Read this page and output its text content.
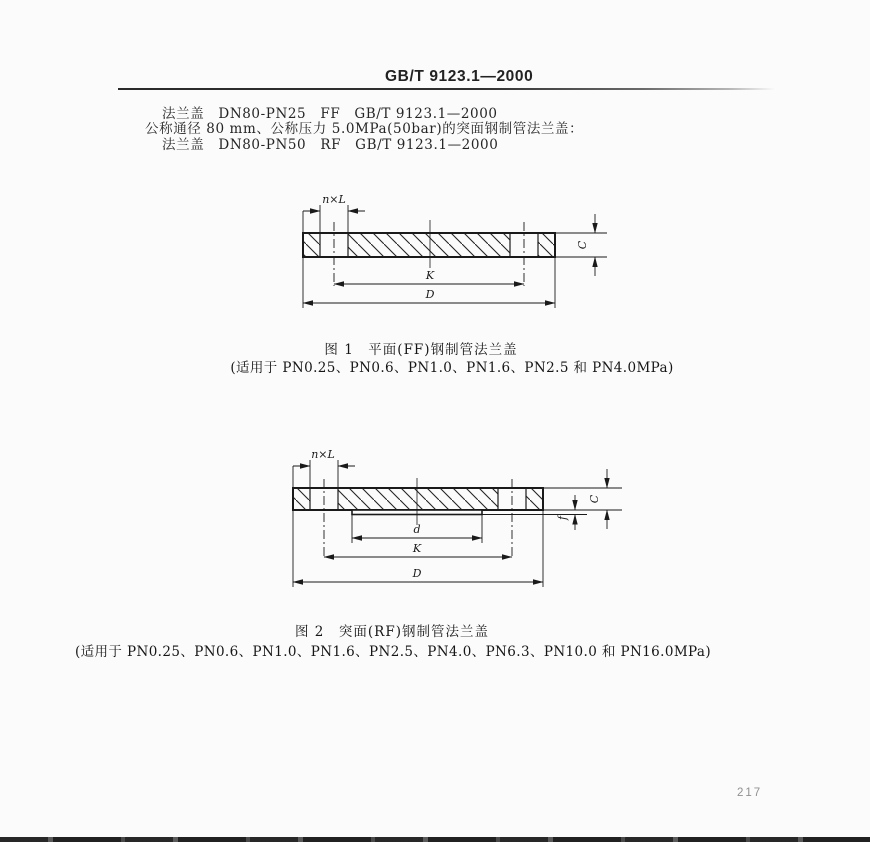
GB/T 9123.1—2000
法兰盖　DN80-PN25　FF　GB/T 9123.1—2000
公称通径 80 mm、公称压力 5.0MPa(50bar)的突面钢制管法兰盖：
法兰盖　DN80-PN50　RF　GB/T 9123.1—2000
n×L
C
K
D
图 1　平面(FF)钢制管法兰盖
(适用于 PN0.25、PN0.6、PN1.0、PN1.6、PN2.5 和 PN4.0MPa)
n×L
C
f
d
K
D
图 2　突面(RF)钢制管法兰盖
(适用于 PN0.25、PN0.6、PN1.0、PN1.6、PN2.5、PN4.0、PN6.3、PN10.0 和 PN16.0MPa)
217
